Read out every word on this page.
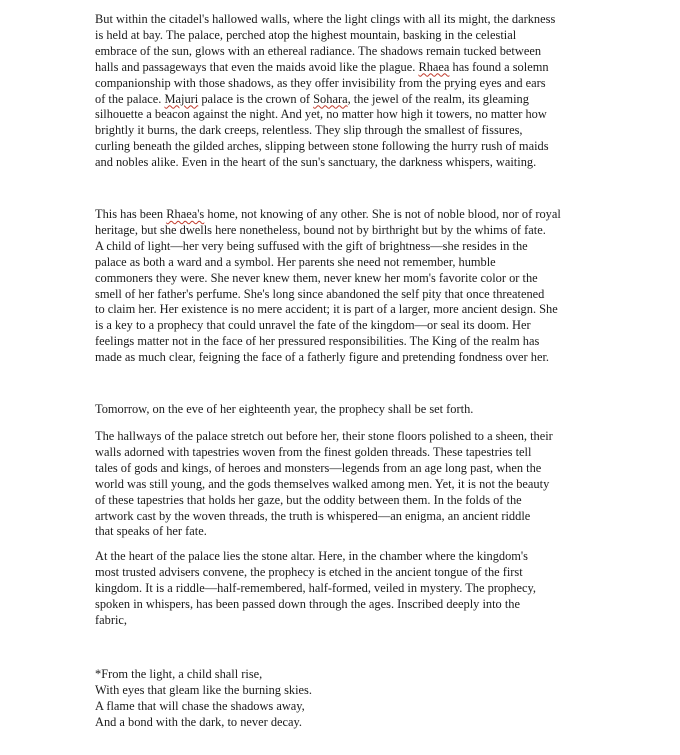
But within the citadel's hallowed walls, where the light clings with all its might, the darkness
is held at bay. The palace, perched atop the highest mountain, basking in the celestial
embrace of the sun, glows with an ethereal radiance. The shadows remain tucked between
halls and passageways that even the maids avoid like the plague. Rhaea has found a solemn
companionship with those shadows, as they offer invisibility from the prying eyes and ears
of the palace. Majuri palace is the crown of Sohara, the jewel of the realm, its gleaming
silhouette a beacon against the night. And yet, no matter how high it towers, no matter how
brightly it burns, the dark creeps, relentless. They slip through the smallest of fissures,
curling beneath the gilded arches, slipping between stone following the hurry rush of maids
and nobles alike. Even in the heart of the sun's sanctuary, the darkness whispers, waiting.

This has been Rhaea's home, not knowing of any other. She is not of noble blood, nor of royal
heritage, but she dwells here nonetheless, bound not by birthright but by the whims of fate.
A child of light—her very being suffused with the gift of brightness—she resides in the
palace as both a ward and a symbol. Her parents she need not remember, humble
commoners they were. She never knew them, never knew her mom's favorite color or the
smell of her father's perfume. She's long since abandoned the self pity that once threatened
to claim her. Her existence is no mere accident; it is part of a larger, more ancient design. She
is a key to a prophecy that could unravel the fate of the kingdom—or seal its doom. Her
feelings matter not in the face of her pressured responsibilities. The King of the realm has
made as much clear, feigning the face of a fatherly figure and pretending fondness over her.

Tomorrow, on the eve of her eighteenth year, the prophecy shall be set forth.

The hallways of the palace stretch out before her, their stone floors polished to a sheen, their
walls adorned with tapestries woven from the finest golden threads. These tapestries tell
tales of gods and kings, of heroes and monsters—legends from an age long past, when the
world was still young, and the gods themselves walked among men. Yet, it is not the beauty
of these tapestries that holds her gaze, but the oddity between them. In the folds of the
artwork cast by the woven threads, the truth is whispered—an enigma, an ancient riddle
that speaks of her fate.

At the heart of the palace lies the stone altar. Here, in the chamber where the kingdom's
most trusted advisers convene, the prophecy is etched in the ancient tongue of the first
kingdom. It is a riddle—half-remembered, half-formed, veiled in mystery. The prophecy,
spoken in whispers, has been passed down through the ages. Inscribed deeply into the
fabric,

*From the light, a child shall rise,
With eyes that gleam like the burning skies.
A flame that will chase the shadows away,
And a bond with the dark, to never decay.
